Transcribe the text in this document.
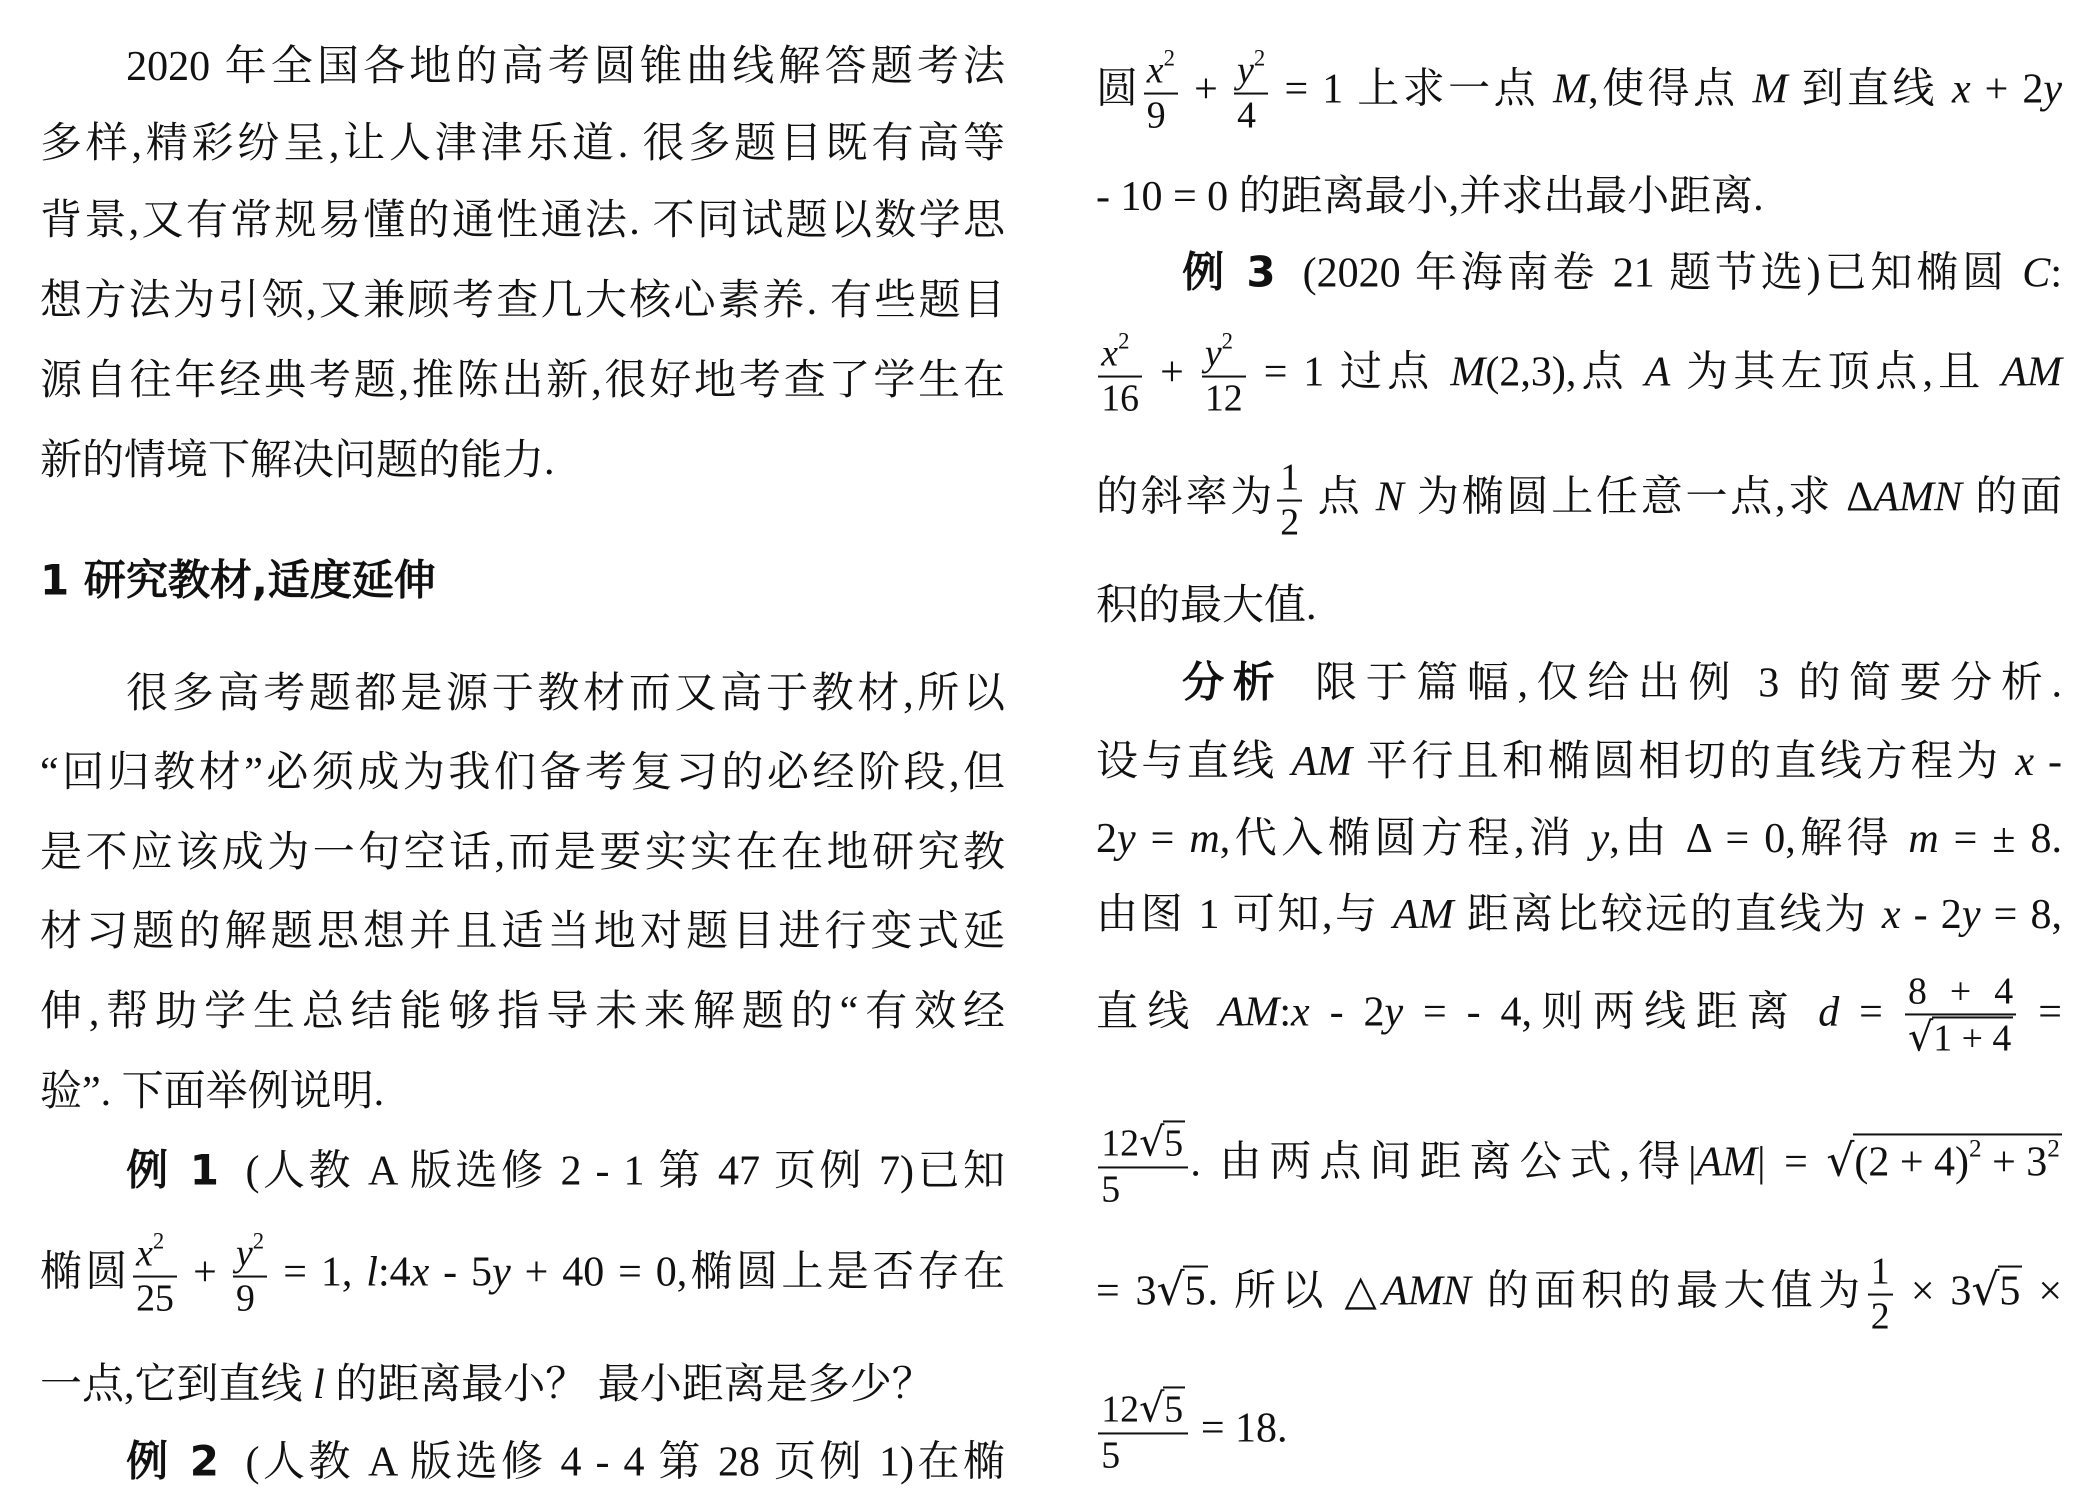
2020 年全国各地的高考圆锥曲线解答题考法
多样,精彩纷呈,让人津津乐道. 很多题目既有高等
背景,又有常规易懂的通性通法. 不同试题以数学思
想方法为引领,又兼顾考查几大核心素养. 有些题目
源自往年经典考题,推陈出新,很好地考查了学生在
新的情境下解决问题的能力.
1 研究教材,适度延伸
很多高考题都是源于教材而又高于教材,所以
“回归教材”必须成为我们备考复习的必经阶段,但
是不应该成为一句空话,而是要实实在在地研究教
材习题的解题思想并且适当地对题目进行变式延
伸,帮助学生总结能够指导未来解题的“有效经
验”. 下面举例说明.
例 1 (人教 A 版选修 2 - 1 第 47 页例 7)已知
椭圆 $\frac{x^2}{25} + \frac{y^2}{9} = 1$, l:4x - 5y + 40 = 0,椭圆上是否存在
一点,它到直线 l 的距离最小？ 最小距离是多少？
例 2 (人教 A 版选修 4 - 4 第 28 页例 1)在椭
圆 $\frac{x^2}{9} + \frac{y^2}{4} = 1$ 上求一点 M,使得点 M 到直线 x + 2y
- 10 = 0 的距离最小,并求出最小距离.
例 3 (2020 年海南卷 21 题节选)已知椭圆 C:
$\frac{x^2}{16} + \frac{y^2}{12} = 1$ 过点 M(2,3),点 A 为其左顶点,且 AM
的斜率为 $\frac{1}{2}$ 点 N 为椭圆上任意一点,求 ΔAMN 的面
积的最大值.
分析 限于篇幅,仅给出例 3 的简要分析.
设与直线 AM 平行且和椭圆相切的直线方程为 x -
2y = m,代入椭圆方程,消 y,由 Δ = 0,解得 m = ± 8.
由图 1 可知,与 AM 距离比较远的直线为 x - 2y = 8,
直线 AM:x - 2y = - 4,则两线距离 $d = \frac{8 + 4}{√1 + 4}$ =
$\frac{12√5}{5}$ . 由两点间距离公式,得$|AM| = √(2 + 4)^2 + 3^2$
= 3√5. 所以 △AMN 的面积的最大值为 $\frac{1}{2} \times 3√5$ ×
$\frac{12√5}{5} = 18$.
